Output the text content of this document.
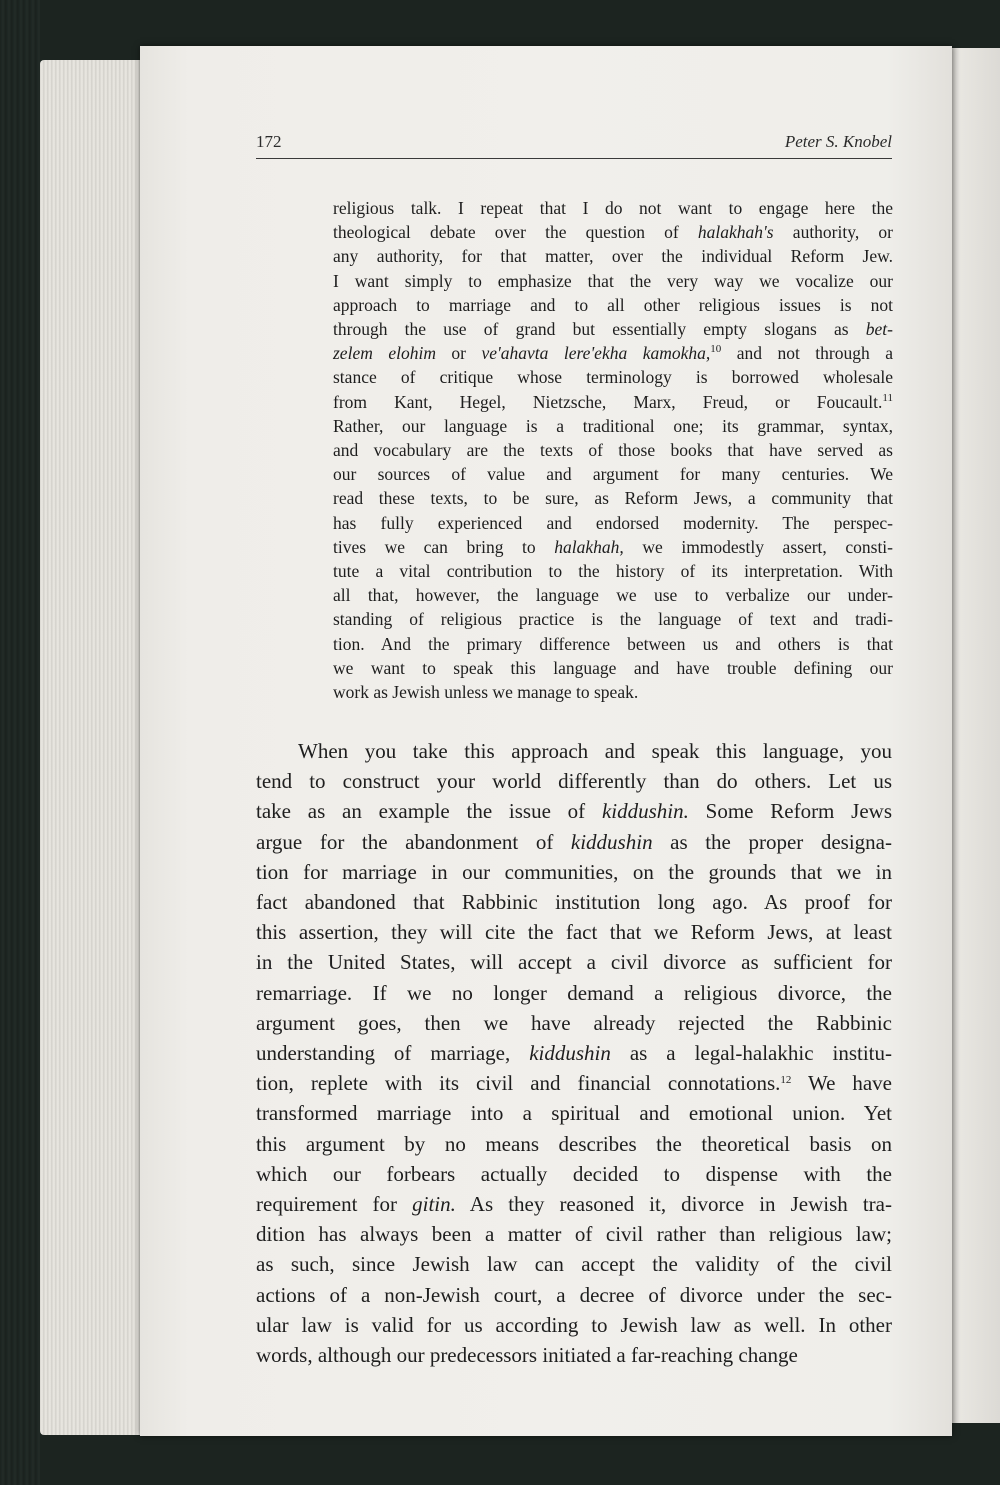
172	Peter S. Knobel
religious talk. I repeat that I do not want to engage here the
theological debate over the question of halakhah's authority, or
any authority, for that matter, over the individual Reform Jew.
I want simply to emphasize that the very way we vocalize our
approach to marriage and to all other religious issues is not
through the use of grand but essentially empty slogans as bet-
zelem elohim or ve'ahavta lere'ekha kamokha,$^{10}$ and not through a
stance of critique whose terminology is borrowed wholesale
from Kant, Hegel, Nietzsche, Marx, Freud, or Foucault.$^{11}$
Rather, our language is a traditional one; its grammar, syntax,
and vocabulary are the texts of those books that have served as
our sources of value and argument for many centuries. We
read these texts, to be sure, as Reform Jews, a community that
has fully experienced and endorsed modernity. The perspec-
tives we can bring to halakhah, we immodestly assert, consti-
tute a vital contribution to the history of its interpretation. With
all that, however, the language we use to verbalize our under-
standing of religious practice is the language of text and tradi-
tion. And the primary difference between us and others is that
we want to speak this language and have trouble defining our
work as Jewish unless we manage to speak.
When you take this approach and speak this language, you
tend to construct your world differently than do others. Let us
take as an example the issue of kiddushin. Some Reform Jews
argue for the abandonment of kiddushin as the proper designa-
tion for marriage in our communities, on the grounds that we in
fact abandoned that Rabbinic institution long ago. As proof for
this assertion, they will cite the fact that we Reform Jews, at least
in the United States, will accept a civil divorce as sufficient for
remarriage. If we no longer demand a religious divorce, the
argument goes, then we have already rejected the Rabbinic
understanding of marriage, kiddushin as a legal-halakhic institu-
tion, replete with its civil and financial connotations.$^{12}$ We have
transformed marriage into a spiritual and emotional union. Yet
this argument by no means describes the theoretical basis on
which our forbears actually decided to dispense with the
requirement for gitin. As they reasoned it, divorce in Jewish tra-
dition has always been a matter of civil rather than religious law;
as such, since Jewish law can accept the validity of the civil
actions of a non-Jewish court, a decree of divorce under the sec-
ular law is valid for us according to Jewish law as well. In other
words, although our predecessors initiated a far-reaching change
